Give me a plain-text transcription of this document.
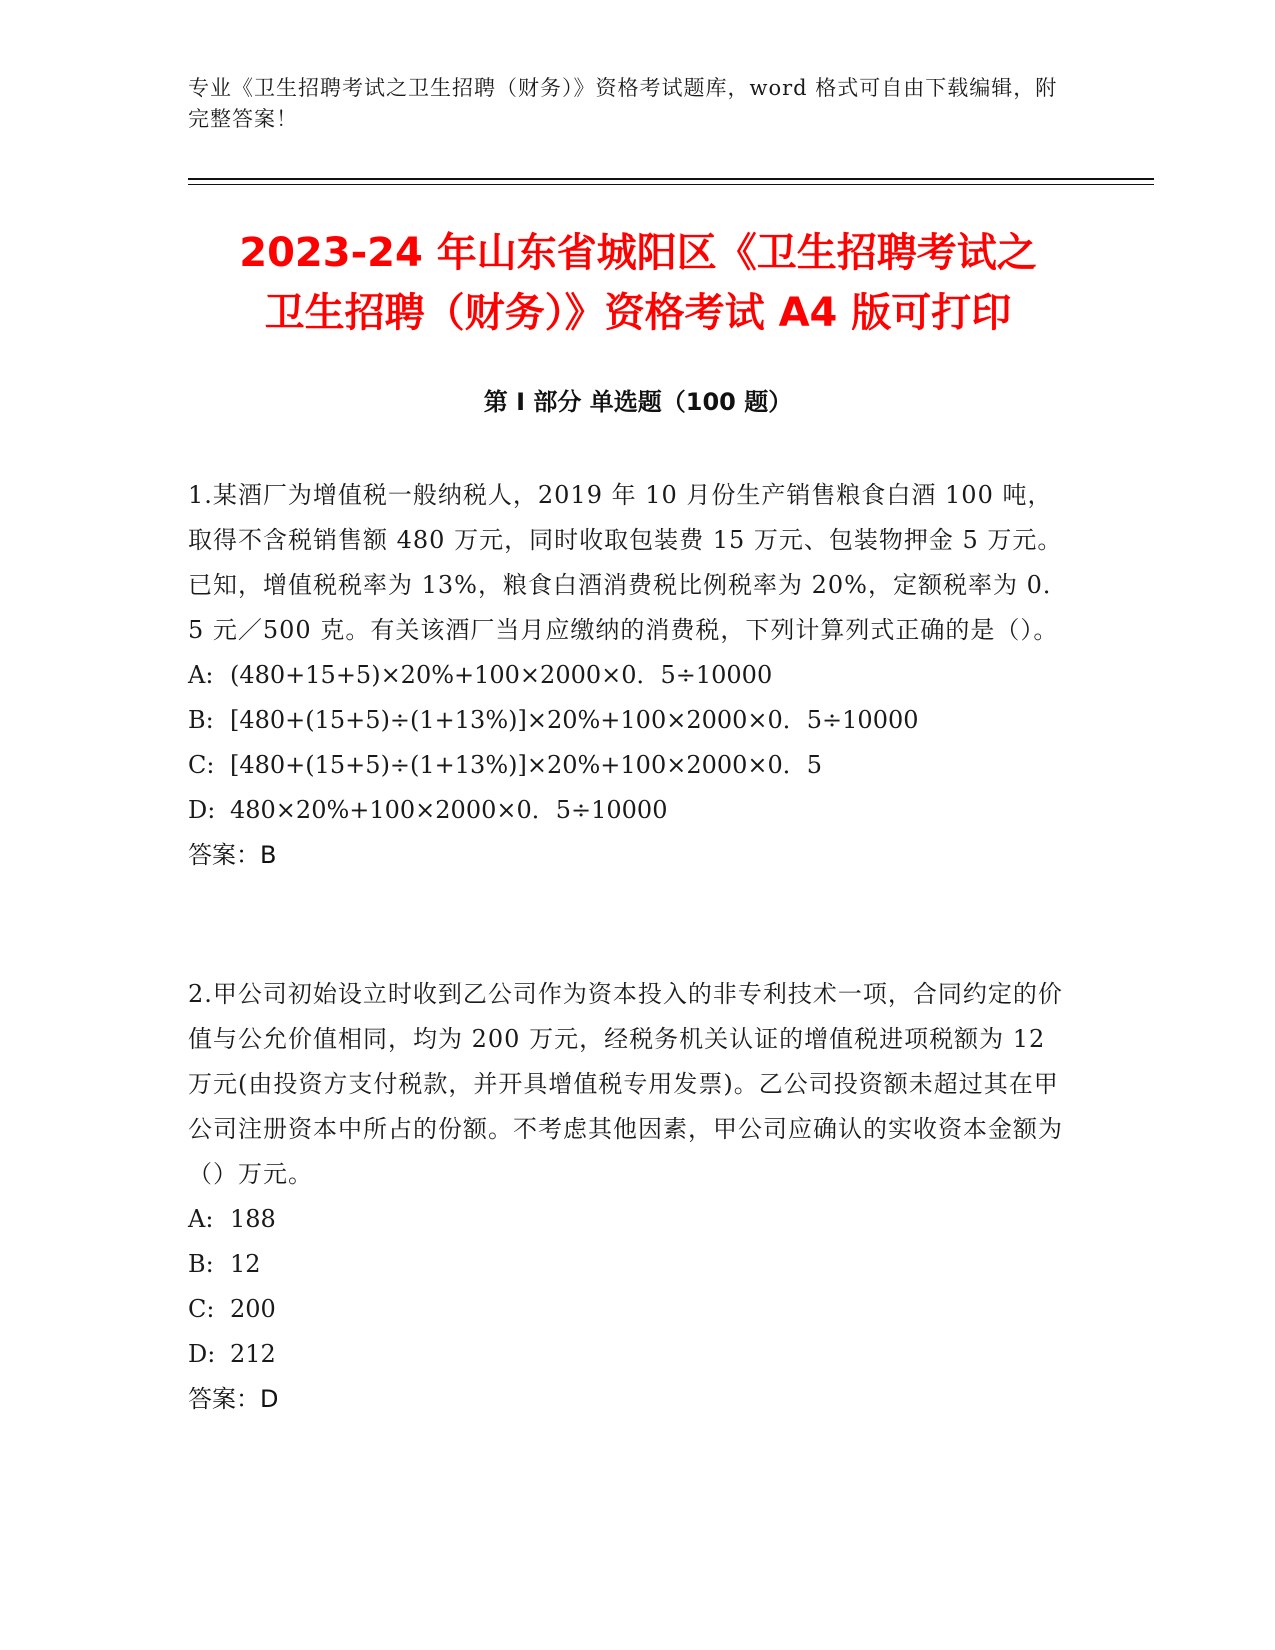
专业《卫生招聘考试之卫生招聘（财务）》资格考试题库，word 格式可自由下载编辑，附完整答案！
2023-24 年山东省城阳区《卫生招聘考试之
卫生招聘（财务）》资格考试 A4 版可打印
第 I 部分 单选题（100 题）

1.某酒厂为增值税一般纳税人，2019 年 10 月份生产销售粮食白酒 100 吨，取得不含税销售额 480 万元，同时收取包装费 15 万元、包装物押金 5 万元。已知，增值税税率为 13%，粮食白酒消费税比例税率为 20%，定额税率为 0．5 元／500 克。有关该酒厂当月应缴纳的消费税，下列计算列式正确的是（）。

A: (480+15+5)×20%+100×2000×0．5÷10000

B: [480+(15+5)÷(1+13%)]×20%+100×2000×0．5÷10000

C: [480+(15+5)÷(1+13%)]×20%+100×2000×0．5

D: 480×20%+100×2000×0．5÷10000

答案：B

2.甲公司初始设立时收到乙公司作为资本投入的非专利技术一项，合同约定的价值与公允价值相同，均为 200 万元，经税务机关认证的增值税进项税额为 12 万元(由投资方支付税款，并开具增值税专用发票)。乙公司投资额未超过其在甲公司注册资本中所占的份额。不考虑其他因素，甲公司应确认的实收资本金额为（）万元。

A: 188

B: 12

C: 200

D: 212

答案：D
